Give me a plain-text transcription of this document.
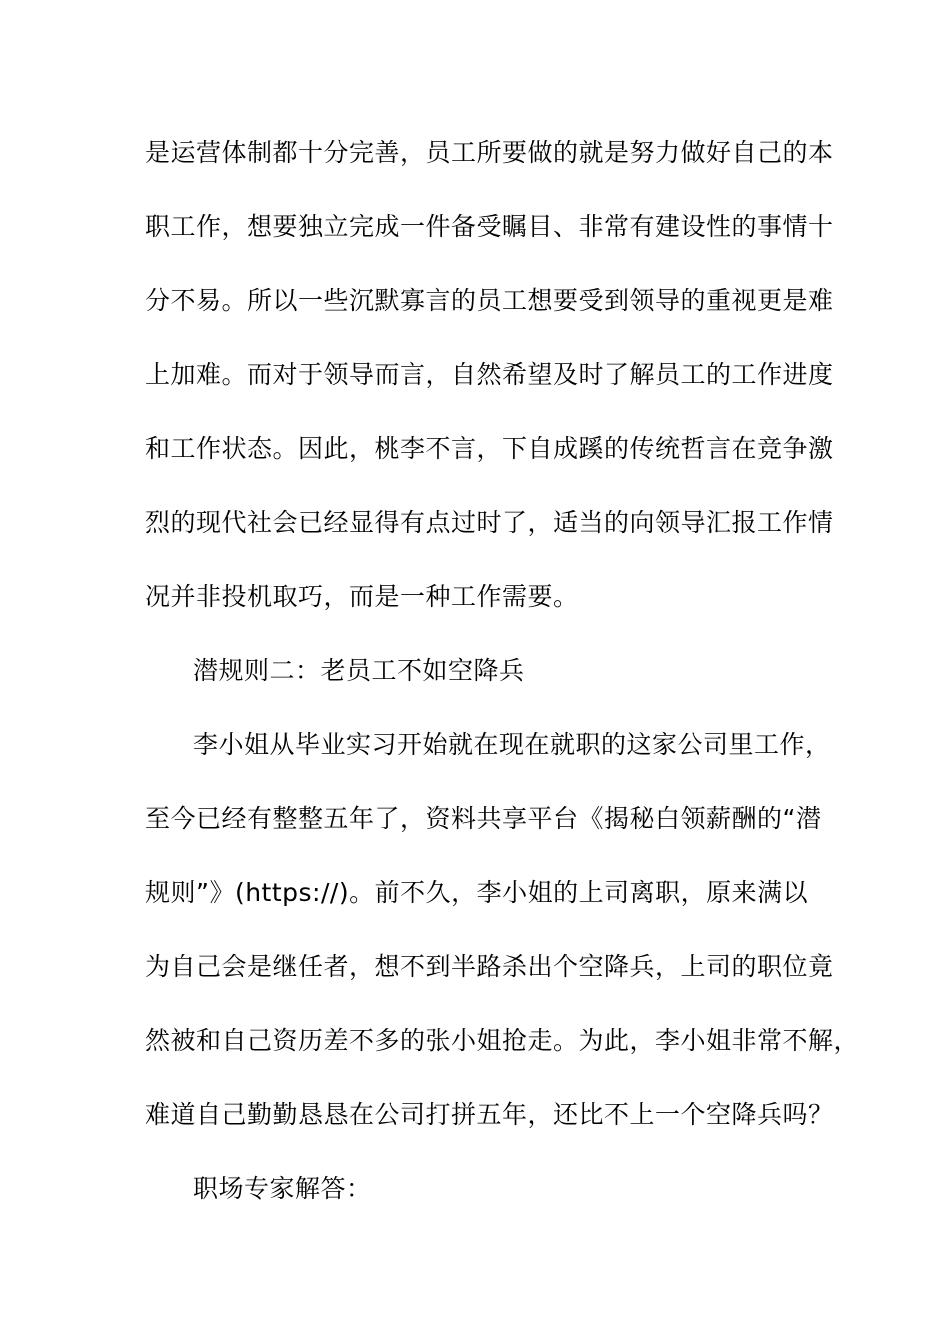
是运营体制都十分完善，员工所要做的就是努力做好自己的本
职工作，想要独立完成一件备受瞩目、非常有建设性的事情十
分不易。所以一些沉默寡言的员工想要受到领导的重视更是难
上加难。而对于领导而言，自然希望及时了解员工的工作进度
和工作状态。因此，桃李不言，下自成蹊的传统哲言在竞争激
烈的现代社会已经显得有点过时了，适当的向领导汇报工作情
况并非投机取巧，而是一种工作需要。
潜规则二：老员工不如空降兵
李小姐从毕业实习开始就在现在就职的这家公司里工作，
至今已经有整整五年了，资料共享平台《揭秘白领薪酬的“潜
规则”》(https://)。前不久，李小姐的上司离职，原来满以
为自己会是继任者，想不到半路杀出个空降兵，上司的职位竟
然被和自己资历差不多的张小姐抢走。为此，李小姐非常不解，
难道自己勤勤恳恳在公司打拼五年，还比不上一个空降兵吗？
职场专家解答：
